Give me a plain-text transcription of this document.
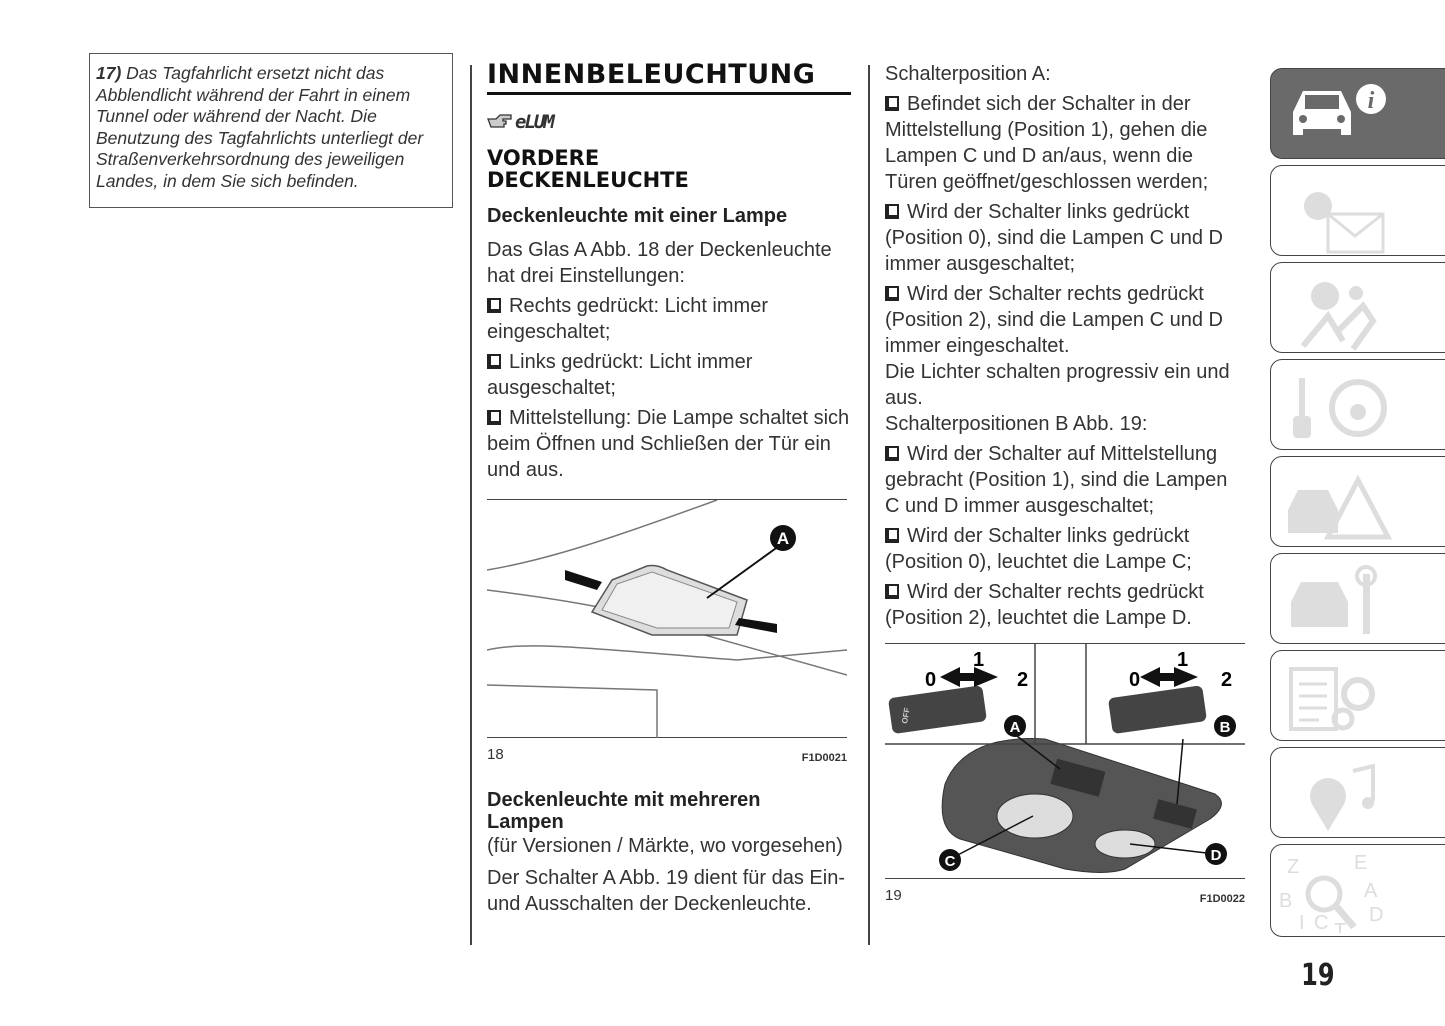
17) Das Tagfahrlicht ersetzt nicht das Abblendlicht während der Fahrt in einem Tunnel oder während der Nacht. Die Benutzung des Tagfahrlichts unterliegt der Straßenverkehrsordnung des jeweiligen Landes, in dem Sie sich befinden.
INNENBELEUCHTUNG
eLUM
VORDERE DECKENLEUCHTE
Deckenleuchte mit einer Lampe

Das Glas A Abb. 18 der Deckenleuchte hat drei Einstellungen:

Rechts gedrückt: Licht immer eingeschaltet;

Links gedrückt: Licht immer ausgeschaltet;

Mittelstellung: Die Lampe schaltet sich beim Öffnen und Schließen der Tür ein und aus.

A
18	F1D0021
Deckenleuchte mit mehreren Lampen

(für Versionen / Märkte, wo vorgesehen)

Der Schalter A Abb. 19 dient für das Ein- und Ausschalten der Deckenleuchte.

Schalterposition A:

Befindet sich der Schalter in der Mittelstellung (Position 1), gehen die Lampen C und D an/aus, wenn die Türen geöffnet/geschlossen werden;

Wird der Schalter links gedrückt (Position 0), sind die Lampen C und D immer ausgeschaltet;

Wird der Schalter rechts gedrückt (Position 2), sind die Lampen C und D immer eingeschaltet.

Die Lichter schalten progressiv ein und aus.

Schalterpositionen B Abb. 19:

Wird der Schalter auf Mittelstellung gebracht (Position 1), sind die Lampen C und D immer ausgeschaltet;

Wird der Schalter links gedrückt (Position 0), leuchtet die Lampe C;

Wird der Schalter rechts gedrückt (Position 2), leuchtet die Lampe D.

0
1
2	0
1
2
A	B
C	D
OFF
19	F1D0022
i
Z	E
B	A
I C T
D
19
